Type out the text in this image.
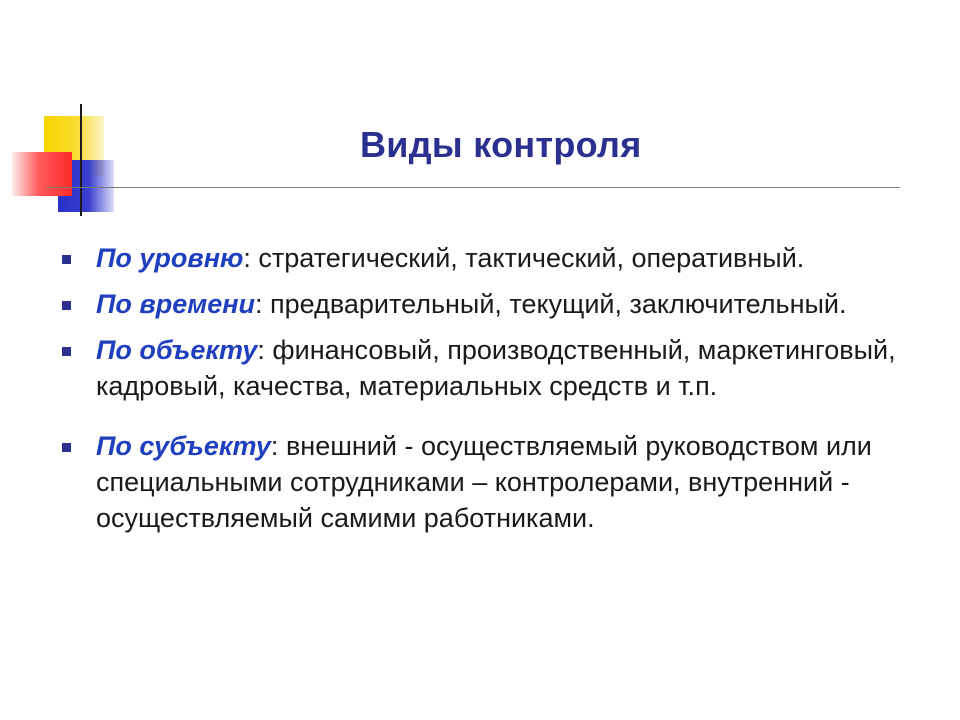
Виды контроля
По уровню: стратегический, тактический, оперативный.
По времени: предварительный, текущий, заключительный.
По объекту: финансовый, производственный, маркетинговый, кадровый, качества, материальных средств и т.п.
По субъекту: внешний - осуществляемый руководством или специальными сотрудниками – контролерами, внутренний - осуществляемый самими работниками.
